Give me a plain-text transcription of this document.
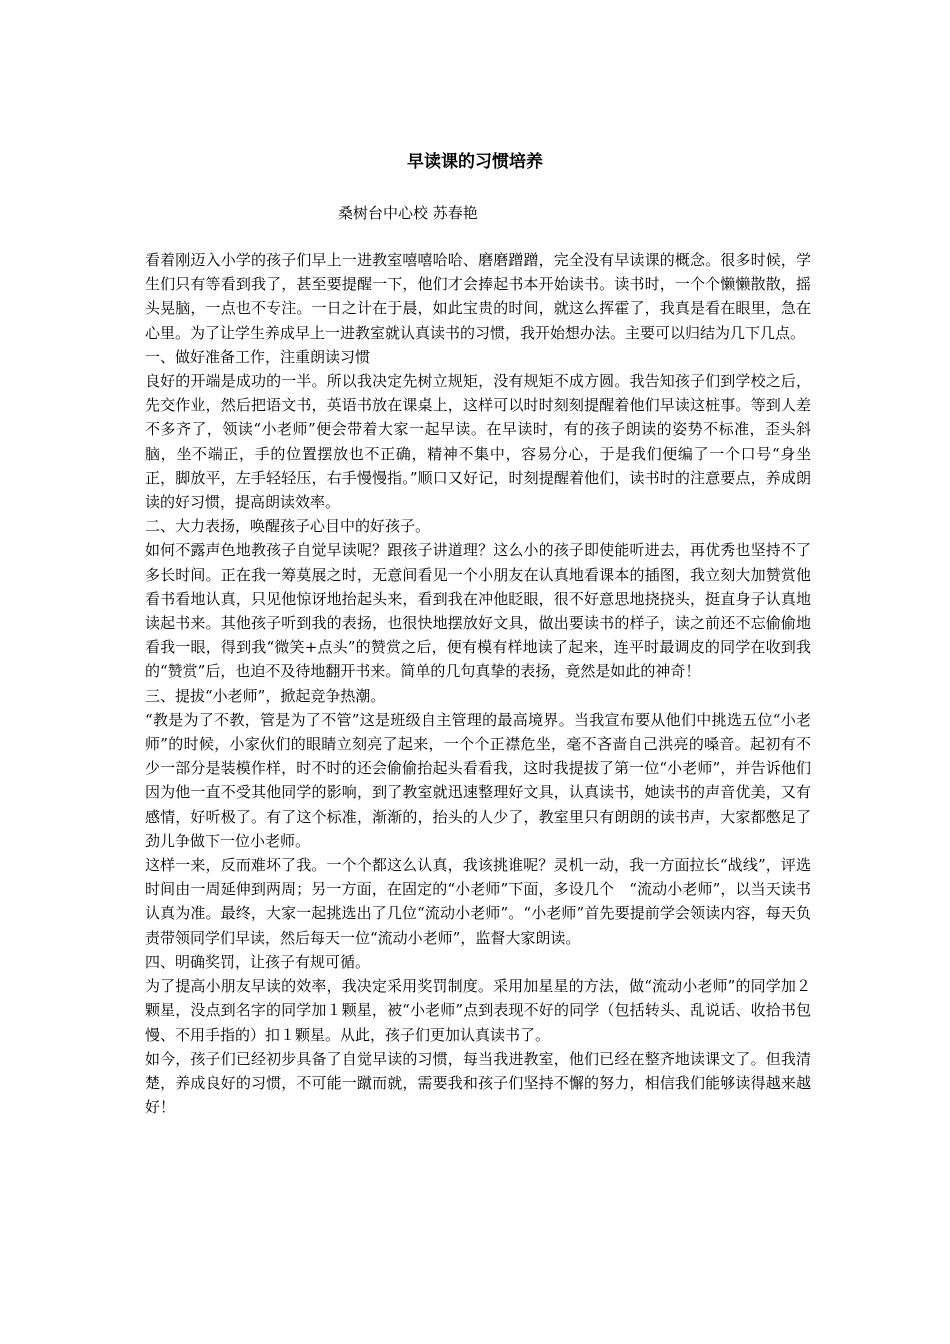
早读课的习惯培养
桑树台中心校 苏春艳

看着刚迈入小学的孩子们早上一进教室嘻嘻哈哈、磨磨蹭蹭，完全没有早读课的概念。很多时候，学生们只有等看到我了，甚至要提醒一下，他们才会捧起书本开始读书。读书时，一个个懒懒散散，摇头晃脑，一点也不专注。一日之计在于晨，如此宝贵的时间，就这么挥霍了，我真是看在眼里，急在心里。为了让学生养成早上一进教室就认真读书的习惯，我开始想办法。主要可以归结为几下几点。

一、做好准备工作，注重朗读习惯

良好的开端是成功的一半。所以我决定先树立规矩，没有规矩不成方圆。我告知孩子们到学校之后，先交作业，然后把语文书，英语书放在课桌上，这样可以时时刻刻提醒着他们早读这桩事。等到人差不多齐了，领读“小老师”便会带着大家一起早读。在早读时，有的孩子朗读的姿势不标准，歪头斜脑，坐不端正，手的位置摆放也不正确，精神不集中，容易分心，于是我们便编了一个口号“身坐正，脚放平，左手轻轻压，右手慢慢指。”顺口又好记，时刻提醒着他们，读书时的注意要点，养成朗读的好习惯，提高朗读效率。

二、大力表扬，唤醒孩子心目中的好孩子。

如何不露声色地教孩子自觉早读呢？跟孩子讲道理？这么小的孩子即使能听进去，再优秀也坚持不了多长时间。正在我一筹莫展之时，无意间看见一个小朋友在认真地看课本的插图，我立刻大加赞赏他看书看地认真，只见他惊讶地抬起头来，看到我在冲他眨眼，很不好意思地挠挠头，挺直身子认真地读起书来。其他孩子听到我的表扬，也很快地摆放好文具，做出要读书的样子，读之前还不忘偷偷地看我一眼，得到我“微笑+点头”的赞赏之后，便有模有样地读了起来，连平时最调皮的同学在收到我的“赞赏”后，也迫不及待地翻开书来。简单的几句真挚的表扬，竟然是如此的神奇！

三、提拔“小老师”，掀起竞争热潮。

“教是为了不教，管是为了不管”这是班级自主管理的最高境界。当我宣布要从他们中挑选五位“小老师”的时候，小家伙们的眼睛立刻亮了起来，一个个正襟危坐，毫不吝啬自己洪亮的嗓音。起初有不少一部分是装模作样，时不时的还会偷偷抬起头看看我，这时我提拔了第一位“小老师”，并告诉他们因为他一直不受其他同学的影响，到了教室就迅速整理好文具，认真读书，她读书的声音优美，又有感情，好听极了。有了这个标准，渐渐的，抬头的人少了，教室里只有朗朗的读书声，大家都憋足了劲儿争做下一位小老师。

这样一来，反而难坏了我。一个个都这么认真，我该挑谁呢？灵机一动，我一方面拉长“战线”，评选时间由一周延伸到两周；另一方面，在固定的“小老师”下面，多设几个　“流动小老师”，以当天读书认真为准。最终，大家一起挑选出了几位“流动小老师”。“小老师”首先要提前学会领读内容，每天负责带领同学们早读，然后每天一位“流动小老师”，监督大家朗读。

四、明确奖罚，让孩子有规可循。

为了提高小朋友早读的效率，我决定采用奖罚制度。采用加星星的方法，做“流动小老师”的同学加２颗星，没点到名字的同学加１颗星，被“小老师”点到表现不好的同学（包括转头、乱说话、收拾书包慢、不用手指的）扣１颗星。从此，孩子们更加认真读书了。

如今，孩子们已经初步具备了自觉早读的习惯，每当我进教室，他们已经在整齐地读课文了。但我清楚，养成良好的习惯，不可能一蹴而就，需要我和孩子们坚持不懈的努力，相信我们能够读得越来越好！
